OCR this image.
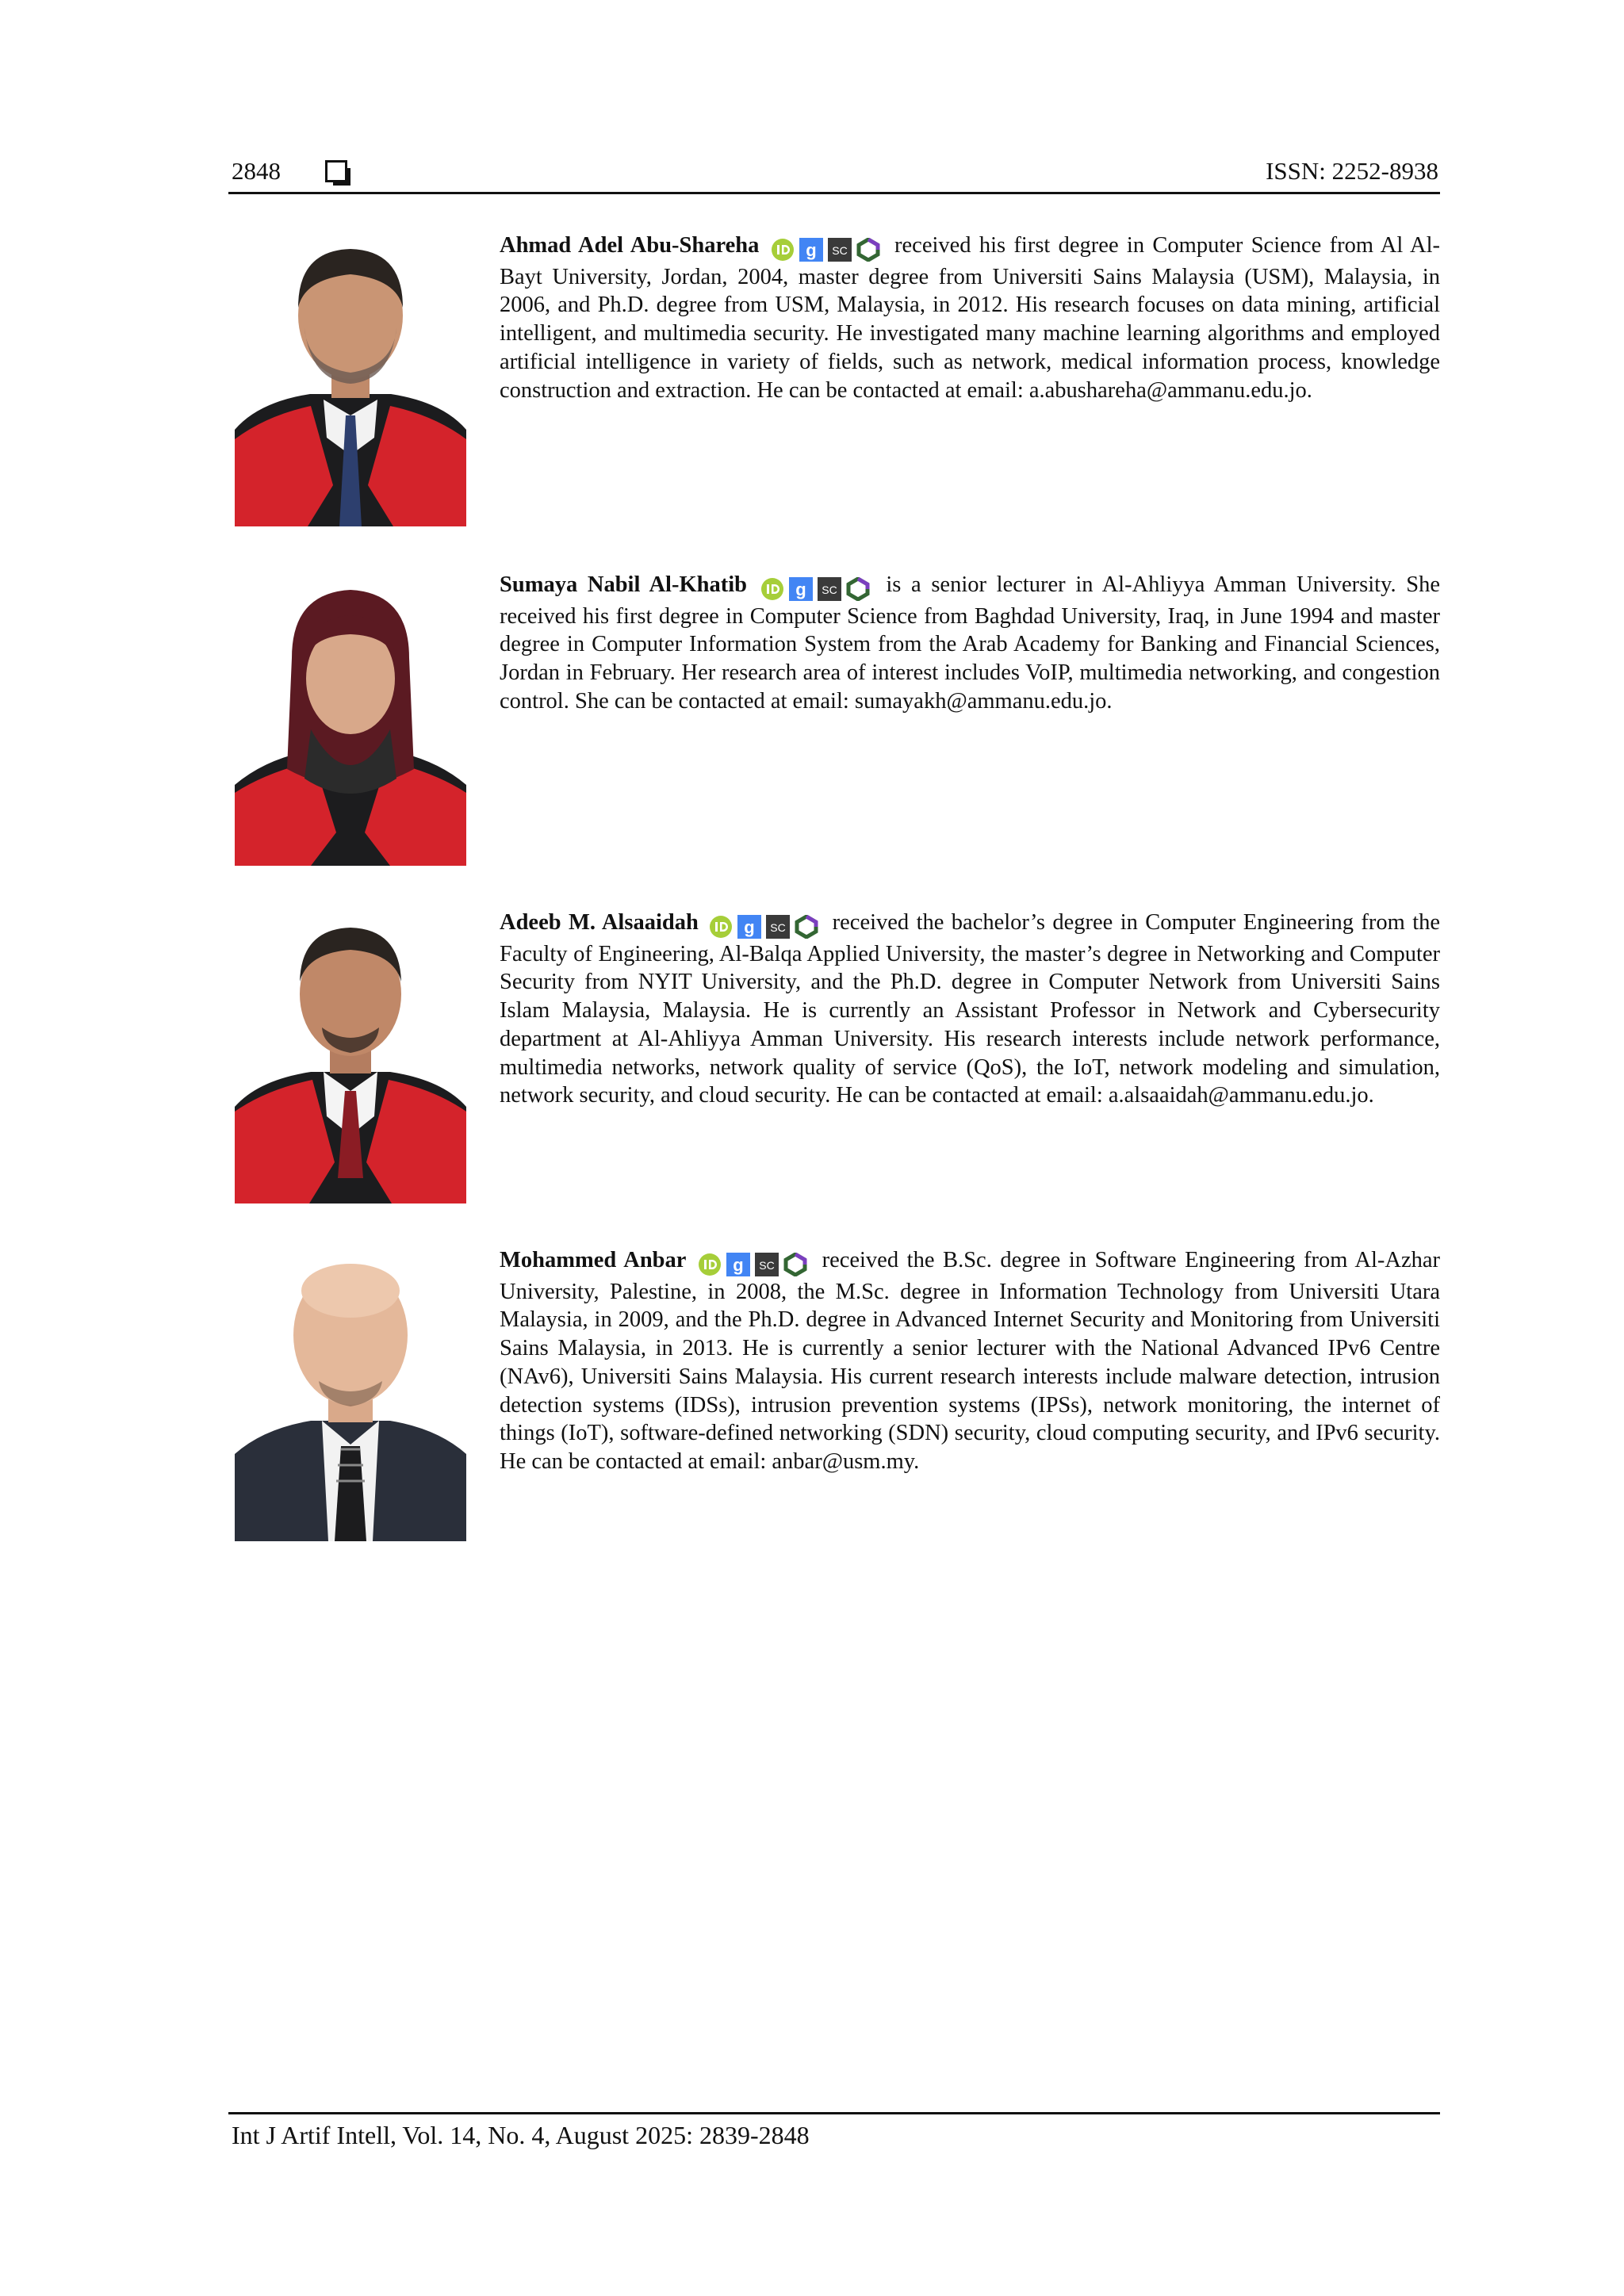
2848	ISSN: 2252-8938
Ahmad Adel Abu-Shareha	g SC received his first degree in Computer Science from Al Al-Bayt University, Jordan, 2004, master degree from Universiti Sains Malaysia (USM), Malaysia, in 2006, and Ph.D. degree from USM, Malaysia, in 2012. His research focuses on data mining, artificial intelligent, and multimedia security. He investigated many machine learning algorithms and employed artificial intelligence in variety of fields, such as network, medical information process, knowledge construction and extraction. He can be contacted at email: a.abushareha@ammanu.edu.jo.
Sumaya Nabil Al-Khatib	g SC is a senior lecturer in Al-Ahliyya Amman University. She received his first degree in Computer Science from Baghdad University, Iraq, in June 1994 and master degree in Computer Information System from the Arab Academy for Banking and Financial Sciences, Jordan in February. Her research area of interest includes VoIP, multimedia networking, and congestion control. She can be contacted at email: sumayakh@ammanu.edu.jo.
Adeeb M. Alsaaidah	g SC received the bachelor’s degree in Computer Engineering from the Faculty of Engineering, Al-Balqa Applied University, the master’s degree in Networking and Computer Security from NYIT University, and the Ph.D. degree in Computer Network from Universiti Sains Islam Malaysia, Malaysia. He is currently an Assistant Professor in Network and Cybersecurity department at Al-Ahliyya Amman University. His research interests include network performance, multimedia networks, network quality of service (QoS), the IoT, network modeling and simulation, network security, and cloud security. He can be contacted at email: a.alsaaidah@ammanu.edu.jo.
Mohammed Anbar	g SC received the B.Sc. degree in Software Engineering from Al-Azhar University, Palestine, in 2008, the M.Sc. degree in Information Technology from Universiti Utara Malaysia, in 2009, and the Ph.D. degree in Advanced Internet Security and Monitoring from Universiti Sains Malaysia, in 2013. He is currently a senior lecturer with the National Advanced IPv6 Centre (NAv6), Universiti Sains Malaysia. His current research interests include malware detection, intrusion detection systems (IDSs), intrusion prevention systems (IPSs), network monitoring, the internet of things (IoT), software-defined networking (SDN) security, cloud computing security, and IPv6 security. He can be contacted at email: anbar@usm.my.
Int J Artif Intell, Vol. 14, No. 4, August 2025: 2839-2848
